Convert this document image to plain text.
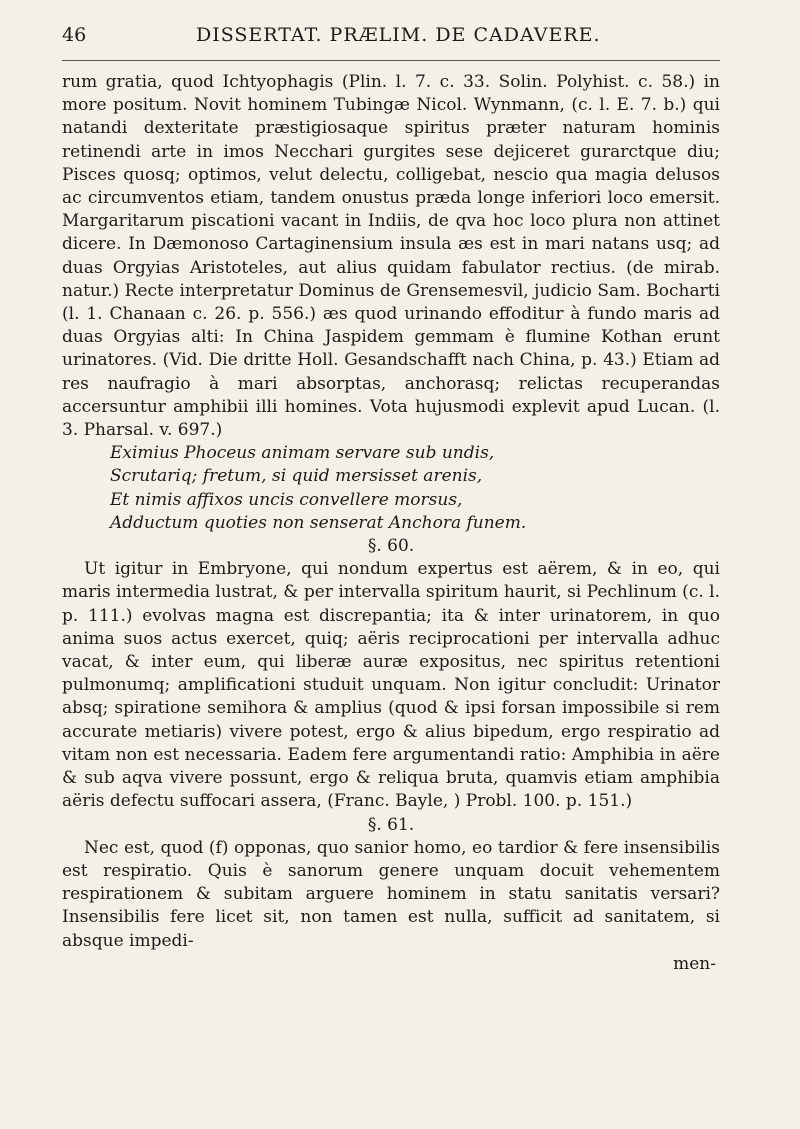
46	DISSERTAT. PRÆLIM. DE CADAVERE.

rum gratia, quod Ichtyophagis (Plin. l. 7. c. 33. Solin. Polyhist. c. 58.) in more positum. Novit hominem Tubingæ Nicol. Wynmann, (c. l. E. 7. b.) qui natandi dexteritate præstigiosaque spiritus præter naturam hominis retinendi arte in imos Necchari gurgites sese dejiceret gurarctque diu; Pisces quosq; optimos, velut delectu, colligebat, nescio qua magia delusos ac circumventos etiam, tandem onustus præda longe inferiori loco emersit. Margaritarum piscationi vacant in Indiis, de qva hoc loco plura non attinet dicere. In Dæmonoso Cartaginensium insula æs est in mari natans usq; ad duas Orgyias Aristoteles, aut alius quidam fabulator rectius. (de mirab. natur.) Recte interpretatur Dominus de Grensemesvil, judicio Sam. Bocharti (l. 1. Chanaan c. 26. p. 556.) æs quod urinando effoditur à fundo maris ad duas Orgyias alti: In China Jaspidem gemmam è flumine Kothan erunt urinatores. (Vid. Die dritte Holl. Gesandschafft nach China, p. 43.) Etiam ad res naufragio à mari absorptas, anchorasq; relictas recuperandas accersuntur amphibii illi homines. Vota hujusmodi explevit apud Lucan. (l. 3. Pharsal. v. 697.)

Eximius Phoceus animam servare sub undis,

Scrutariq; fretum, si quid mersisset arenis,

Et nimis affixos uncis convellere morsus,

Adductum quoties non senserat Anchora funem.

§. 60.

Ut igitur in Embryone, qui nondum expertus est aërem, & in eo, qui maris intermedia lustrat, & per intervalla spiritum haurit, si Pechlinum (c. l. p. 111.) evolvas magna est discrepantia; ita & inter urinatorem, in quo anima suos actus exercet, quiq; aëris reciprocationi per intervalla adhuc vacat, & inter eum, qui liberæ auræ expositus, nec spiritus retentioni pulmonumq; amplificationi studuit unquam. Non igitur concludit: Urinator absq; spiratione semihora & amplius (quod & ipsi forsan impossibile si rem accurate metiaris) vivere potest, ergo & alius bipedum, ergo respiratio ad vitam non est necessaria. Eadem fere argumentandi ratio: Amphibia in aëre & sub aqva vivere possunt, ergo & reliqua bruta, quamvis etiam amphibia aëris defectu suffocari assera, (Franc. Bayle, ) Probl. 100. p. 151.)

§. 61.

Nec est, quod (f) opponas, quo sanior homo, eo tardior & fere insensibilis est respiratio. Quis è sanorum genere unquam docuit vehementem respirationem & subitam arguere hominem in statu sanitatis versari? Insensibilis fere licet sit, non tamen est nulla, sufficit ad sanitatem, si absque impedi-

men-
